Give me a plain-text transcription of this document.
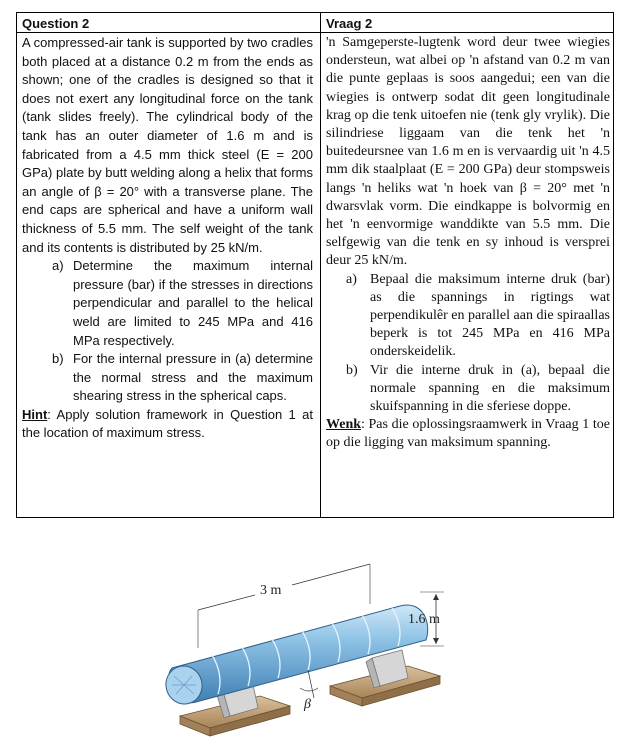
Question 2

A compressed-air tank is supported by two cradles both placed at a distance 0.2 m from the ends as shown; one of the cradles is designed so that it does not exert any longitudinal force on the tank (tank slides freely). The cylindrical body of the tank has an outer diameter of 1.6 m and is fabricated from a 4.5 mm thick steel (E = 200 GPa) plate by butt welding along a helix that forms an angle of β = 20° with a transverse plane. The end caps are spherical and have a uniform wall thickness of 5.5 mm. The self weight of the tank and its contents is distributed by 25 kN/m.

a) Determine the maximum internal pressure (bar) if the stresses in directions perpendicular and parallel to the helical weld are limited to 245 MPa and 416 MPa respectively.
b) For the internal pressure in (a) determine the normal stress and the maximum shearing stress in the spherical caps.

Hint: Apply solution framework in Question 1 at the location of maximum stress.

Vraag 2

'n Samgeperste-lugtenk word deur twee wiegies ondersteun, wat albei op 'n afstand van 0.2 m van die punte geplaas is soos aangedui; een van die wiegies is ontwerp sodat dit geen longitudinale krag op die tenk uitoefen nie (tenk gly vrylik). Die silindriese liggaam van die tenk het 'n buitedeursnee van 1.6 m en is vervaardig uit 'n 4.5 mm dik staalplaat (E = 200 GPa) deur stompsweis langs 'n heliks wat 'n hoek van β = 20° met 'n dwarsvlak vorm. Die eindkappe is bolvormig en het 'n eenvormige wanddikte van 5.5 mm. Die selfgewig van die tenk en sy inhoud is versprei deur 25 kN/m.

a) Bepaal die maksimum interne druk (bar) as die spannings in rigtings wat perpendikulêr en parallel aan die spiraallas beperk is tot 245 MPa en 416 MPa onderskeidelik.
b) Vir die interne druk in (a), bepaal die normale spanning en die maksimum skuifspanning in die sferiese doppe.

Wenk: Pas die oplossingsraamwerk in Vraag 1 toe op die ligging van maksimum spanning.

3 m
1.6 m
β
